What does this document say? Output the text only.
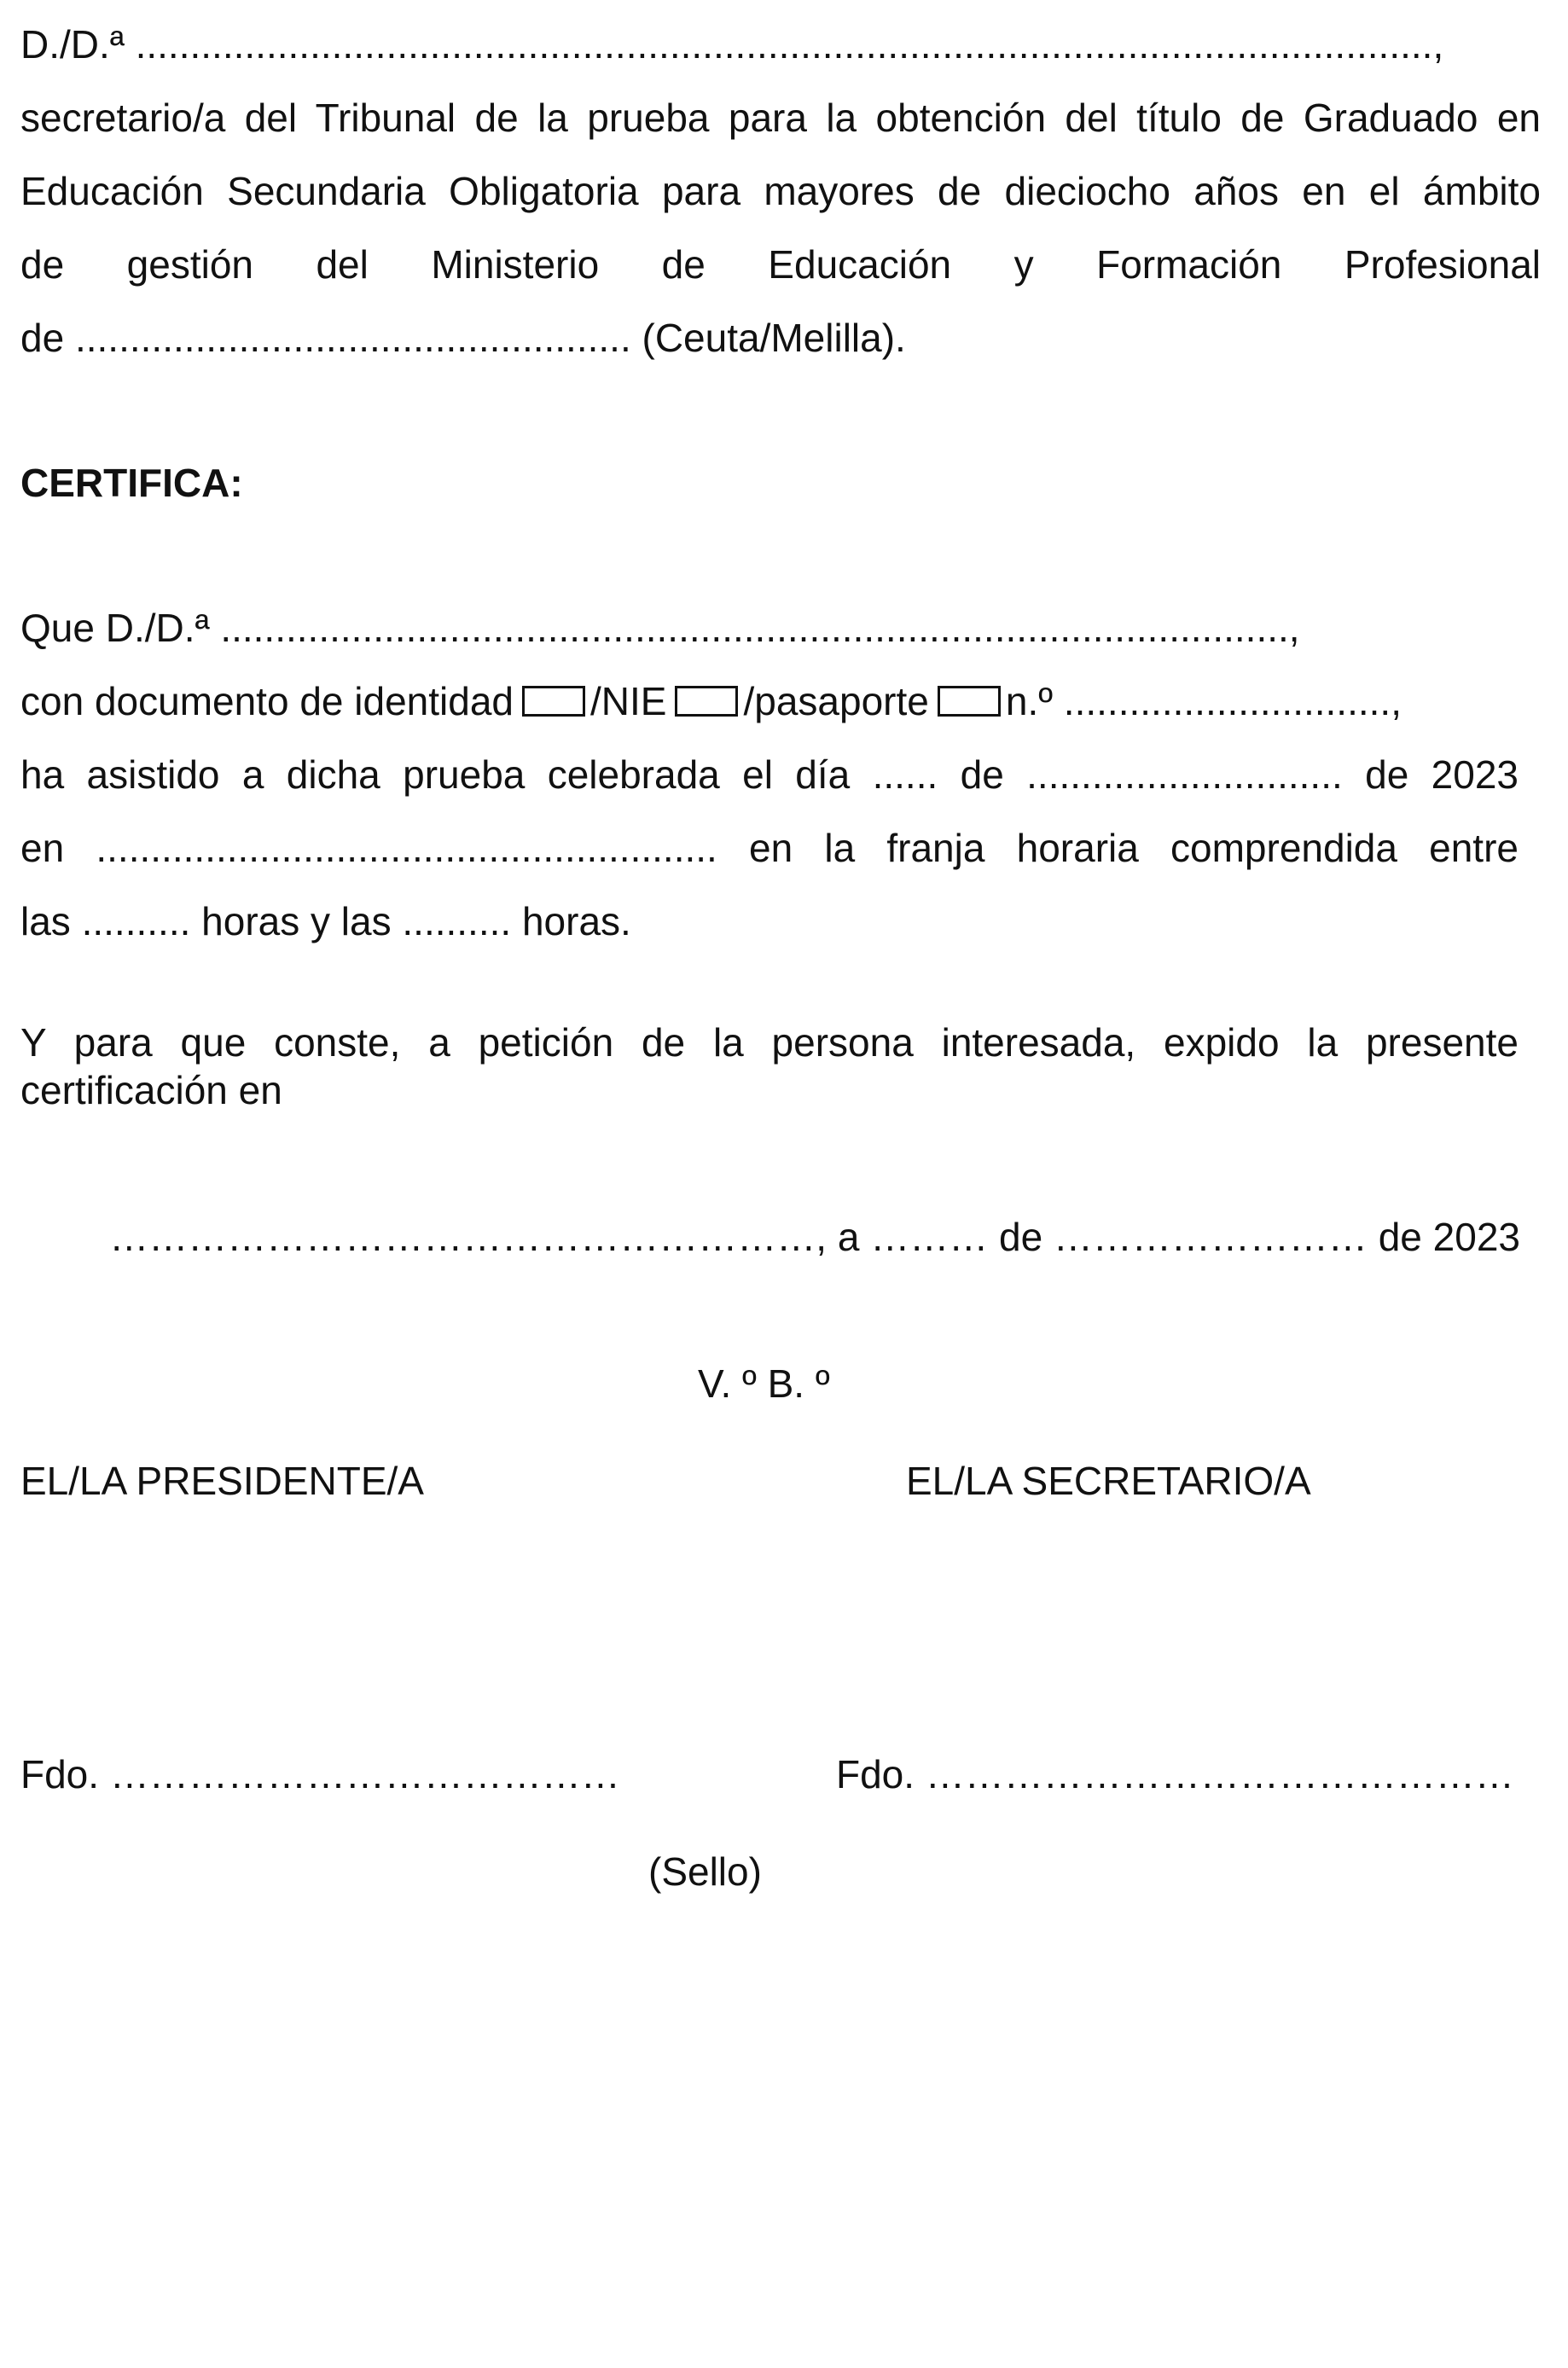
D./D.ª .......................................................................................................................,
secretario/a del Tribunal de la prueba para la obtención del título de Graduado en
Educación Secundaria Obligatoria para mayores de dieciocho años en el ámbito
de gestión del Ministerio de Educación y Formación Profesional
de ................................................... (Ceuta/Melilla).
CERTIFICA:
Que D./D.ª ..................................................................................................,
con documento de identidad /NIE /pasaporte n.º ..............................,
ha asistido a dicha prueba celebrada el día ...... de ............................. de 2023
en ......................................................... en la franja horaria comprendida entre
las .......... horas y las .......... horas.
Y para que conste, a petición de la persona interesada, expido la presente
certificación en
………………………………………………, a ……… de …………………… de 2023
V. º B. º
EL/LA PRESIDENTE/A	EL/LA SECRETARIO/A
Fdo. …………………………………	Fdo. ………………………………………
(Sello)
